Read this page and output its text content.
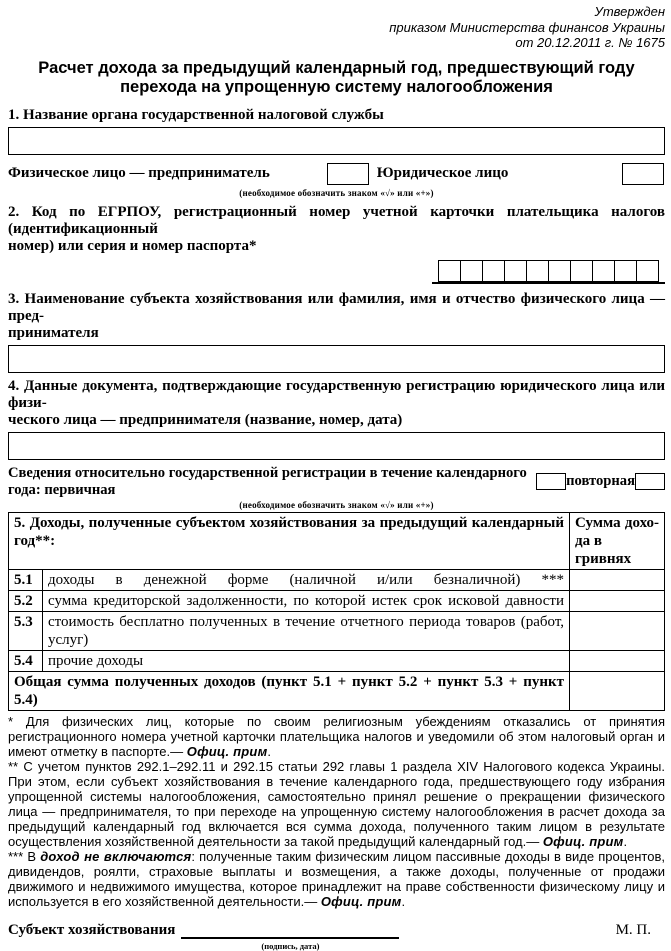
Утвержден
приказом Министерства финансов Украины
от 20.12.2011 г. № 1675
Расчет дохода за предыдущий календарный год, предшествующий году
перехода на упрощенную систему налогообложения
1. Название органа государственной налоговой службы
Физическое лицо — предприниматель	Юридическое лицо
(необходимое обозначить знаком «√» или «+»)
2. Код по ЕГРПОУ, регистрационный номер учетной карточки плательщика налогов (идентификационный
номер) или серия и номер паспорта*
3. Наименование субъекта хозяйствования или фамилия, имя и отчество физического лица — пред-
принимателя
4. Данные документа, подтверждающие государственную регистрацию юридического лица или физи-
ческого лица — предпринимателя (название, номер, дата)
Сведения относительно государственной регистрации в течение календарного года: первичная
повторная
(необходимое обозначить знаком «√» или «+»)
5. Доходы, полученные субъектом хозяйствования за предыдущий календарный год**:		Сумма дохо-
да в гривнях

5.1	доходы в денежной форме (наличной и/или безналичной) ***	
5.2	сумма кредиторской задолженности, по которой истек срок исковой давности	
5.3	стоимость бесплатно полученных в течение отчетного периода товаров (работ, услуг)	
5.4	прочие доходы	
Общая сумма полученных доходов (пункт 5.1 + пункт 5.2 + пункт 5.3 + пункт 5.4)		

* Для физических лиц, которые по своим религиозным убеждениям отказались от принятия регистрационного номера учетной карточки плательщика налогов и уведомили об этом налоговый орган и имеют отметку в паспорте.— Офиц. прим.

** С учетом пунктов 292.1–292.11 и 292.15 статьи 292 главы 1 раздела XIV Налогового кодекса Украины. При этом, если субъект хозяйствования в течение календарного года, предшествующего году избрания упрощенной системы налогообложения, самостоятельно принял решение о прекращении физического лица — предпринимателя, то при переходе на упрощенную систему налогообложения в расчет дохода за предыдущий календарный год включается вся сумма дохода, полученного таким лицом в результате осуществления хозяйственной деятельности за такой предыдущий календарный год.— Офиц. прим.

*** В доход не включаются: полученные таким физическим лицом пассивные доходы в виде процентов, дивидендов, роялти, страховые выплаты и возмещения, а также доходы, полученные от продажи движимого и недвижимого имущества, которое принадлежит на праве собственности физическому лицу и используется в его хозяйственной деятельности.— Офиц. прим.

Субъект хозяйствования
(подпись, дата)
М. П.
